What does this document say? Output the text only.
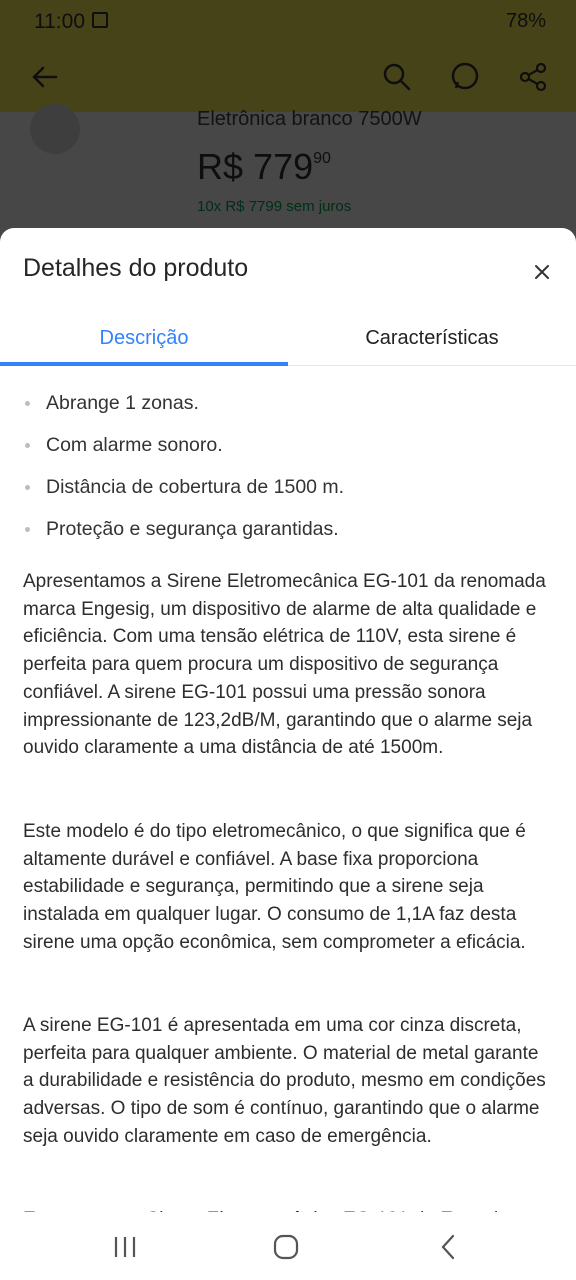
Detalhes do produto
Descrição	Características
Abrange 1 zonas.
Com alarme sonoro.
Distância de cobertura de 1500 m.
Proteção e segurança garantidas.

Apresentamos a Sirene Eletromecânica EG-101 da renomada marca Engesig, um dispositivo de alarme de alta qualidade e eficiência. Com uma tensão elétrica de 110V, esta sirene é perfeita para quem procura um dispositivo de segurança confiável. A sirene EG-101 possui uma pressão sonora impressionante de 123,2dB/M, garantindo que o alarme seja ouvido claramente a uma distância de até 1500m.

Este modelo é do tipo eletromecânico, o que significa que é altamente durável e confiável. A base fixa proporciona estabilidade e segurança, permitindo que a sirene seja instalada em qualquer lugar. O consumo de 1,1A faz desta sirene uma opção econômica, sem comprometer a eficácia.

A sirene EG-101 é apresentada em uma cor cinza discreta, perfeita para qualquer ambiente. O material de metal garante a durabilidade e resistência do produto, mesmo em condições adversas. O tipo de som é contínuo, garantindo que o alarme seja ouvido claramente em caso de emergência.
